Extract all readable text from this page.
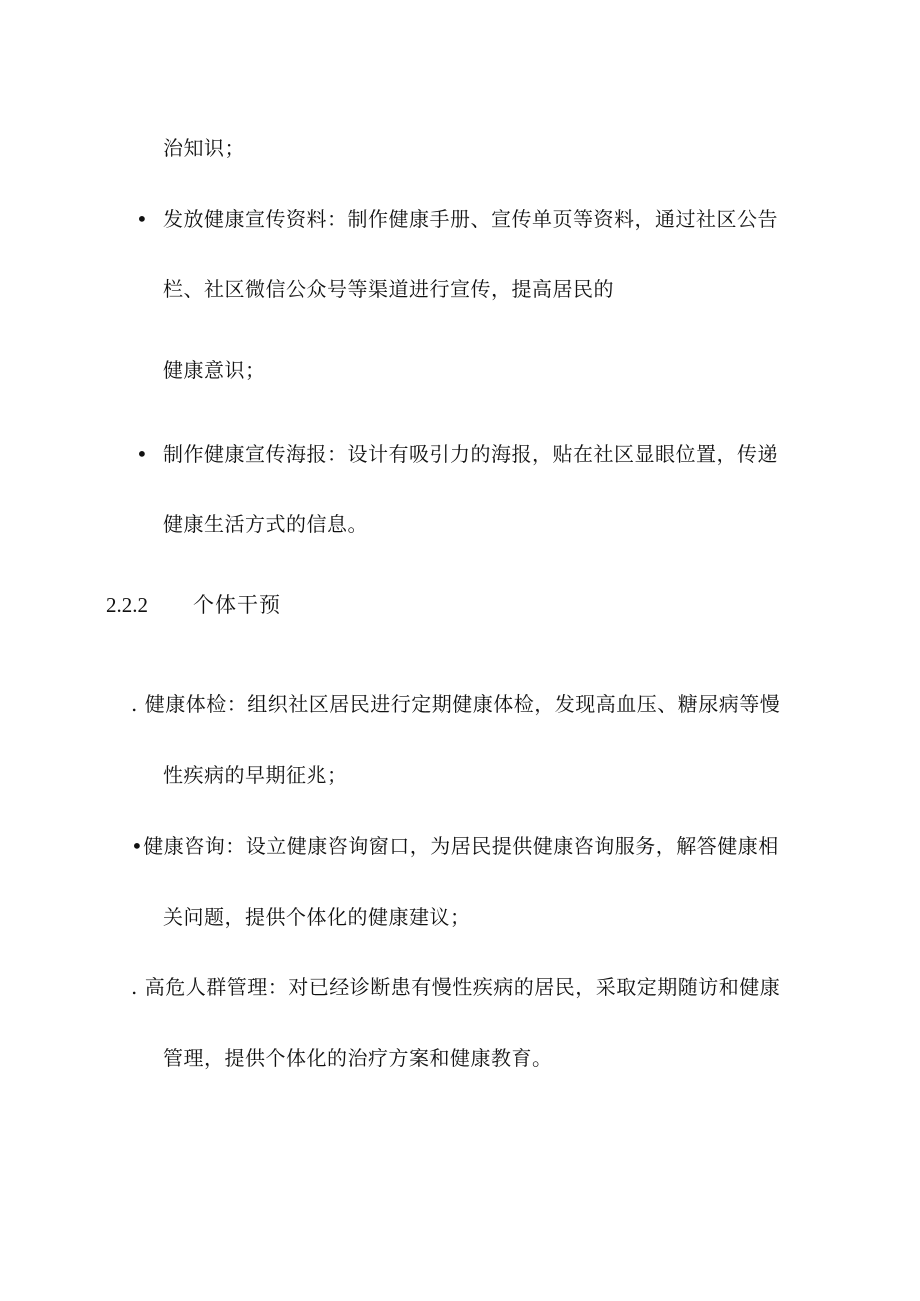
治知识；
• 发放健康宣传资料：制作健康手册、宣传单页等资料，通过社区公告
栏、社区微信公众号等渠道进行宣传，提高居民的
健康意识；
• 制作健康宣传海报：设计有吸引力的海报，贴在社区显眼位置，传递
健康生活方式的信息。
2.2.2 个体干预
. 健康体检：组织社区居民进行定期健康体检，发现高血压、糖尿病等慢
性疾病的早期征兆；
•健康咨询：设立健康咨询窗口，为居民提供健康咨询服务，解答健康相
关问题，提供个体化的健康建议；
. 高危人群管理：对已经诊断患有慢性疾病的居民，采取定期随访和健康
管理，提供个体化的治疗方案和健康教育。
